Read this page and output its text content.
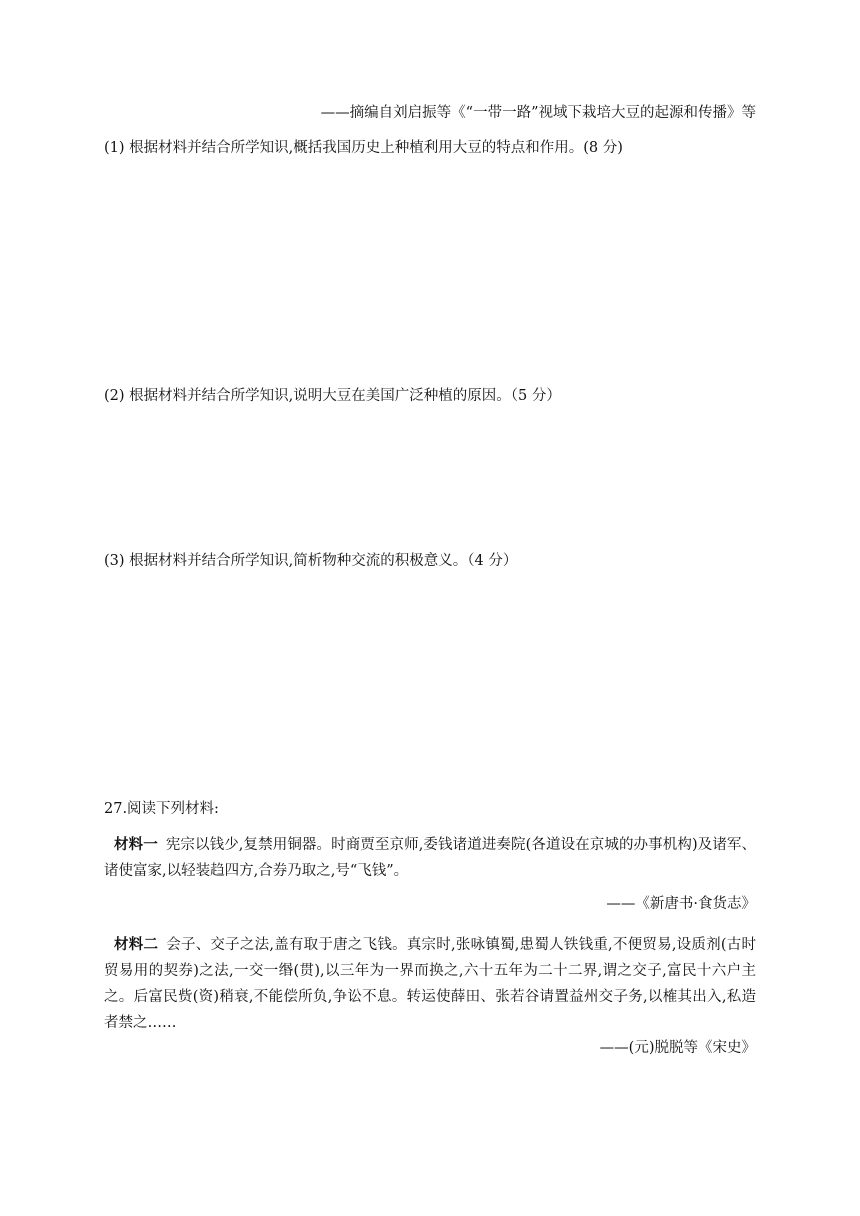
——摘编自刘启振等《“一带一路”视域下栽培大豆的起源和传播》等
(1) 根据材料并结合所学知识,概括我国历史上种植利用大豆的特点和作用。(8 分)
(2) 根据材料并结合所学知识,说明大豆在美国广泛种植的原因。（5 分）
(3) 根据材料并结合所学知识,简析物种交流的积极意义。（4 分）
27.阅读下列材料:
材料一 宪宗以钱少,复禁用铜器。时商贾至京师,委钱诸道进奏院(各道设在京城的办事机构)及诸军、诸使富家,以轻装趋四方,合券乃取之,号“飞钱”。
——《新唐书·食货志》
材料二 会子、交子之法,盖有取于唐之飞钱。真宗时,张咏镇蜀,患蜀人铁钱重,不便贸易,设质剂(古时贸易用的契券)之法,一交一缗(贯),以三年为一界而换之,六十五年为二十二界,谓之交子,富民十六户主之。后富民赀(资)稍衰,不能偿所负,争讼不息。转运使薛田、张若谷请置益州交子务,以榷其出入,私造者禁之……
——(元)脱脱等《宋史》
